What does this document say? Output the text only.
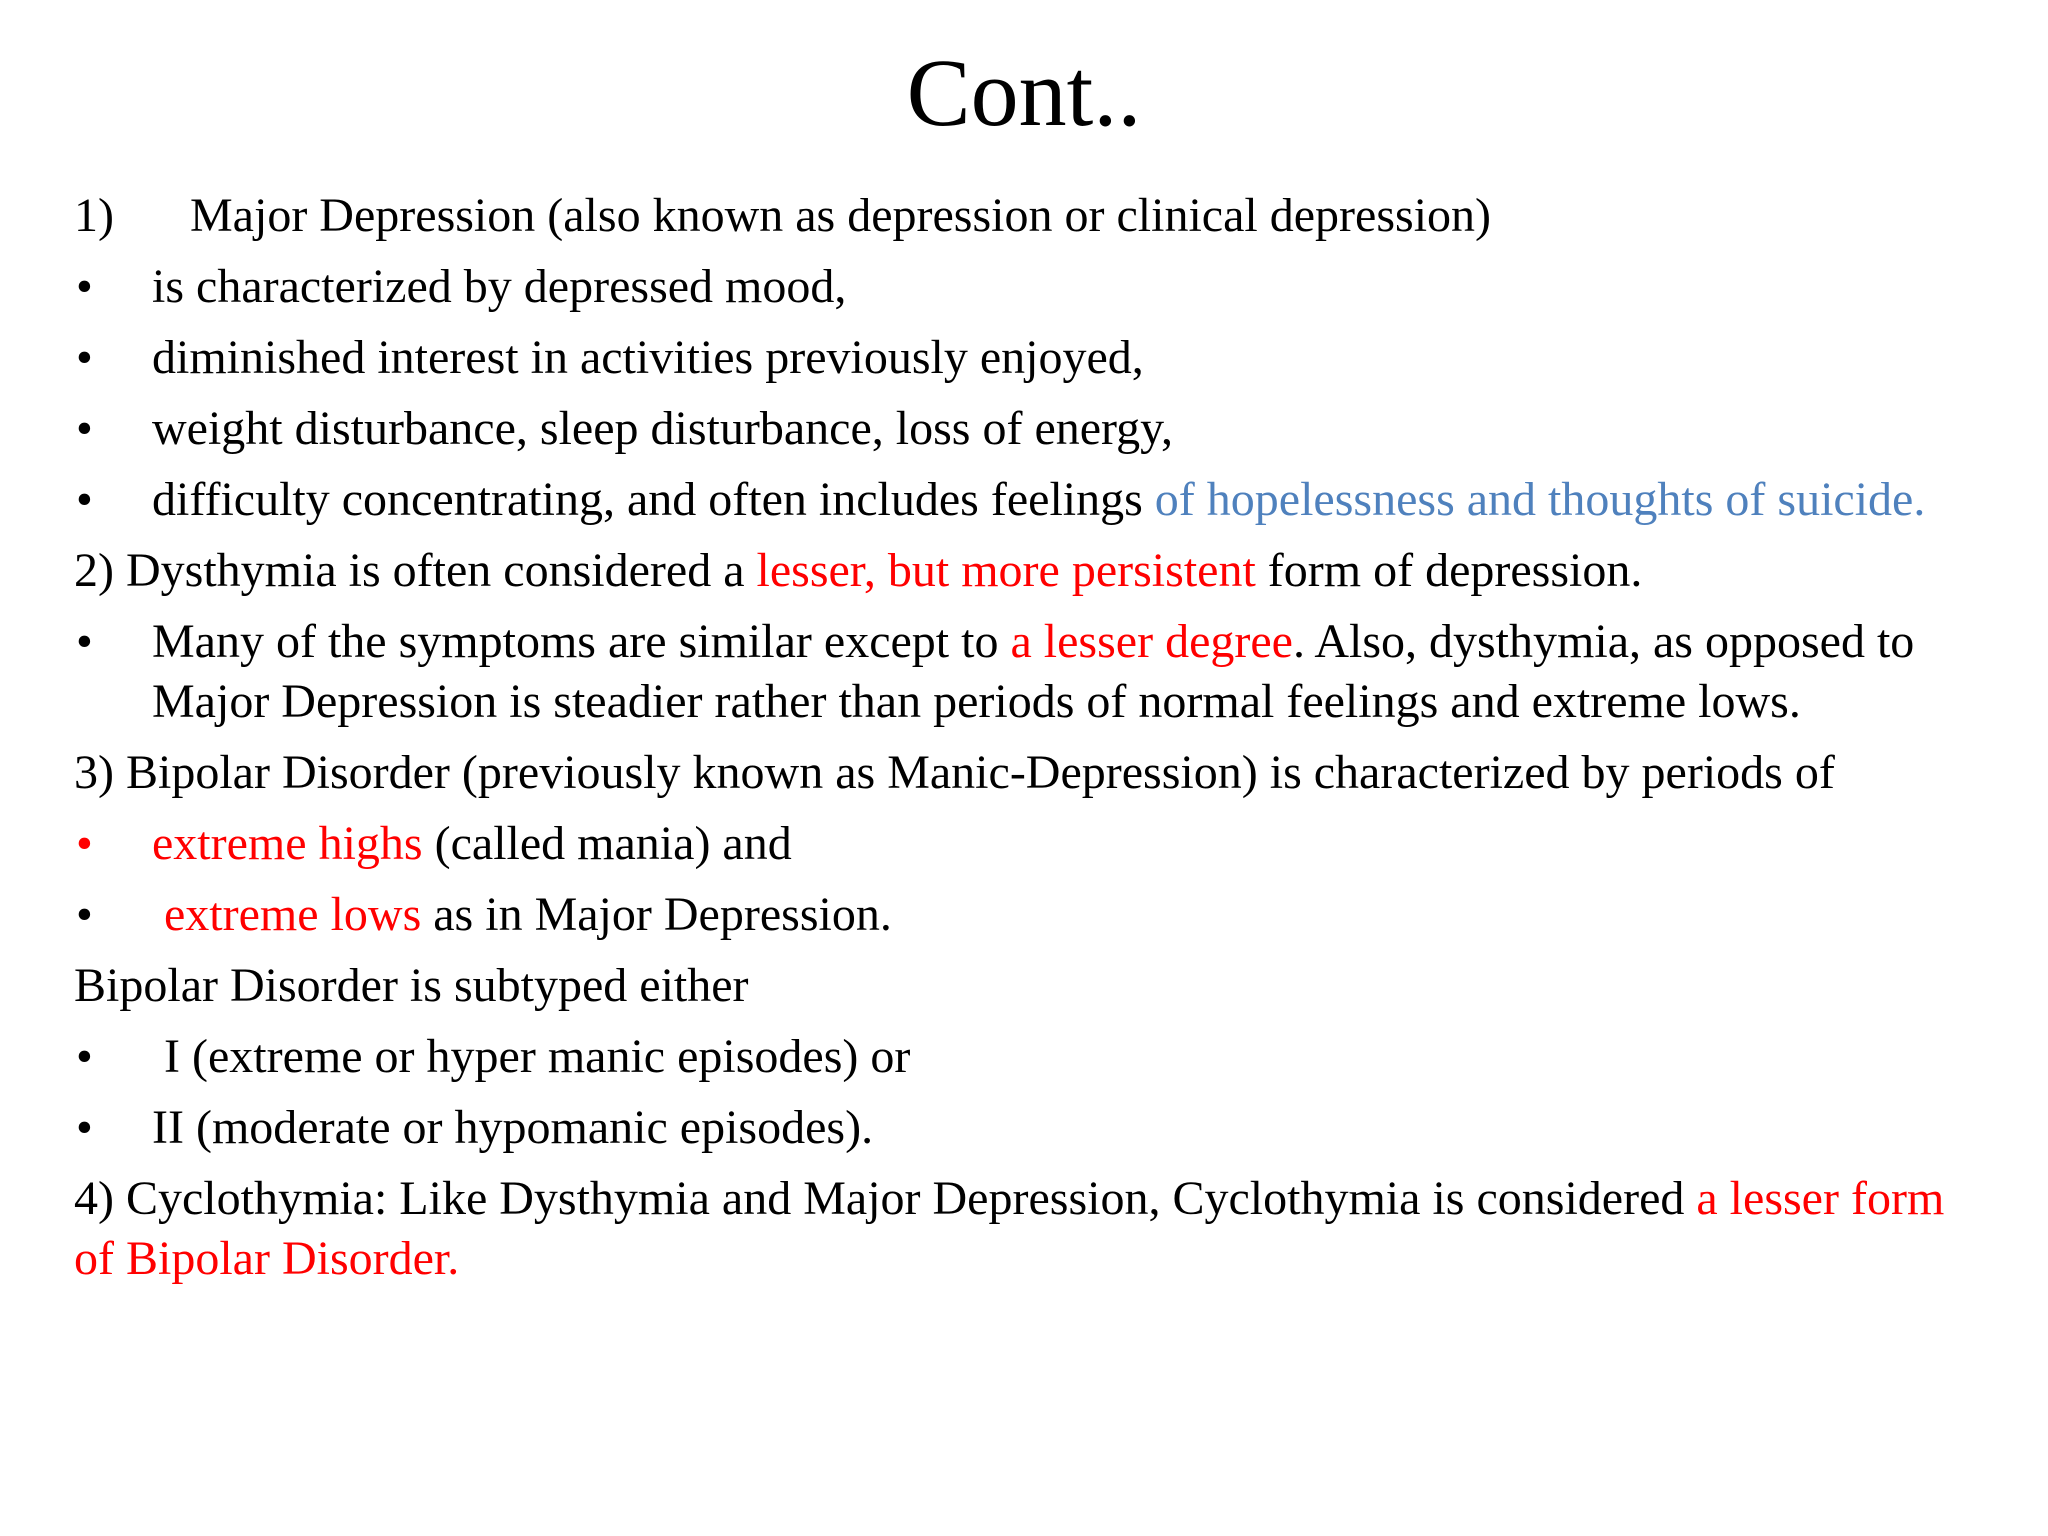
Cont..

1)	Major Depression (also known as depression or clinical depression)

•	is characterized by depressed mood,

•	diminished interest in activities previously enjoyed,

•	weight disturbance, sleep disturbance, loss of energy,

•	difficulty concentrating, and often includes feelings of hopelessness and thoughts of suicide.

2) Dysthymia is often considered a lesser, but more persistent form of depression.

•	Many of the symptoms are similar except to a lesser degree. Also, dysthymia, as opposed to Major Depression is steadier rather than periods of normal feelings and extreme lows.

3) Bipolar Disorder (previously known as Manic-Depression) is characterized by periods of

•	extreme highs (called mania) and

•	extreme lows as in Major Depression.

Bipolar Disorder is subtyped either

•	I (extreme or hyper manic episodes) or

•	II (moderate or hypomanic episodes).

4) Cyclothymia: Like Dysthymia and Major Depression, Cyclothymia is considered a lesser form of Bipolar Disorder.
